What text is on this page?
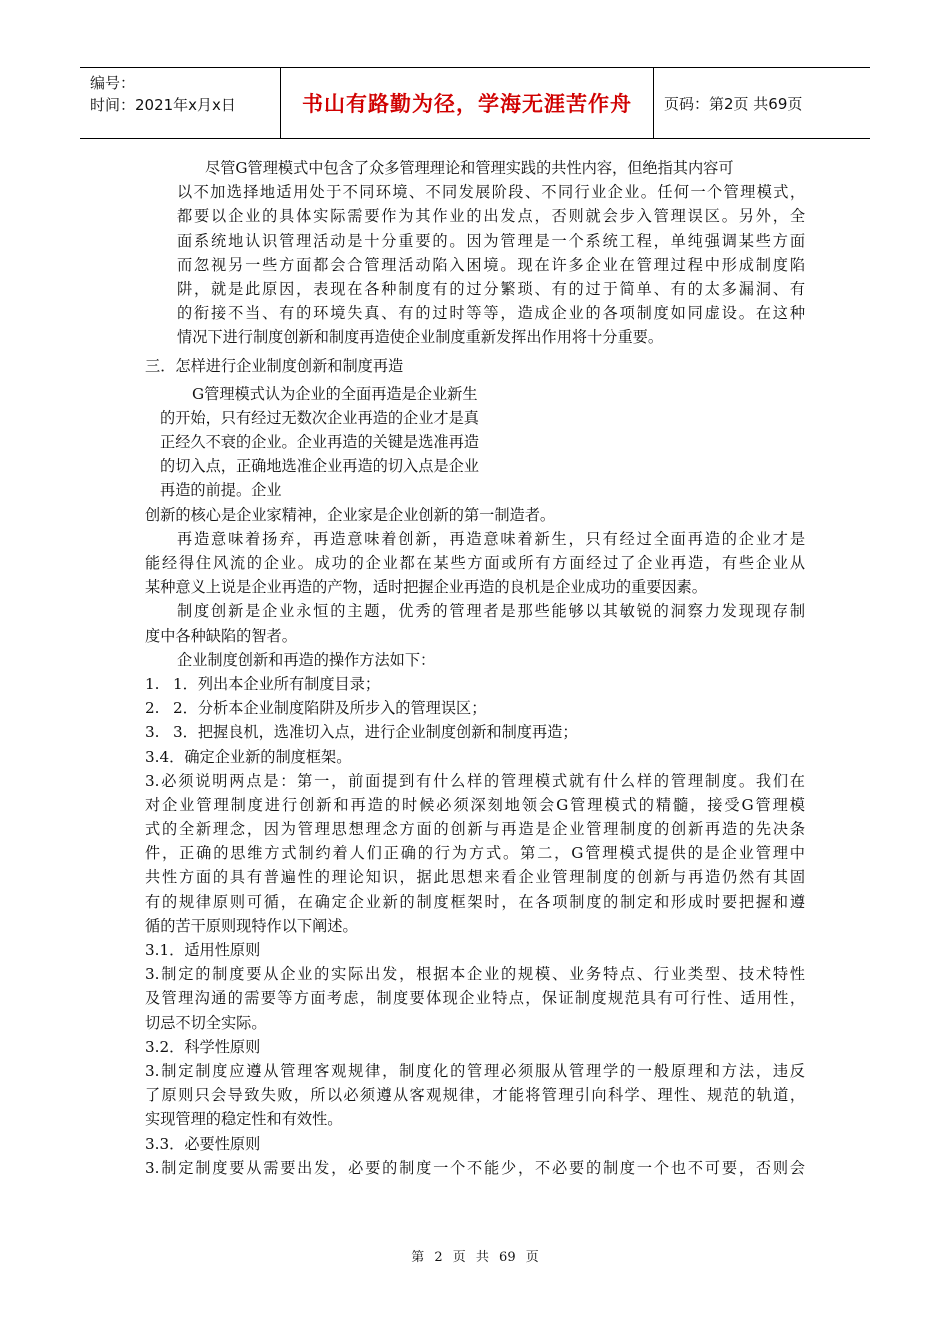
编号：
时间：2021年x月x日	书山有路勤为径，学海无涯苦作舟 页码：第2页 共69页
尽管G管理模式中包含了众多管理理论和管理实践的共性内容，但绝指其内容可
以不加选择地适用处于不同环境、不同发展阶段、不同行业企业。任何一个管理模式，
都要以企业的具体实际需要作为其作业的出发点，否则就会步入管理误区。另外，全
面系统地认识管理活动是十分重要的。因为管理是一个系统工程，单纯强调某些方面
而忽视另一些方面都会合管理活动陷入困境。现在许多企业在管理过程中形成制度陷
阱，就是此原因，表现在各种制度有的过分繁琐、有的过于简单、有的太多漏洞、有
的衔接不当、有的环境失真、有的过时等等，造成企业的各项制度如同虚设。在这种
情况下进行制度创新和制度再造使企业制度重新发挥出作用将十分重要。
三．怎样进行企业制度创新和制度再造
G管理模式认为企业的全面再造是企业新生
的开始，只有经过无数次企业再造的企业才是真
正经久不衰的企业。企业再造的关键是选准再造
的切入点，正确地选准企业再造的切入点是企业
再造的前提。企业
创新的核心是企业家精神，企业家是企业创新的第一制造者。
再造意味着扬弃，再造意味着创新，再造意味着新生，只有经过全面再造的企业才是
能经得住风流的企业。成功的企业都在某些方面或所有方面经过了企业再造，有些企业从
某种意义上说是企业再造的产物，适时把握企业再造的良机是企业成功的重要因素。
制度创新是企业永恒的主题，优秀的管理者是那些能够以其敏锐的洞察力发现现存制
度中各种缺陷的智者。
企业制度创新和再造的操作方法如下：
1. 1．列出本企业所有制度目录；
2. 2．分析本企业制度陷阱及所步入的管理误区；
3. 3．把握良机，选准切入点，进行企业制度创新和制度再造；
3.4．确定企业新的制度框架。
3.必须说明两点是：第一，前面提到有什么样的管理模式就有什么样的管理制度。我们在
对企业管理制度进行创新和再造的时候必须深刻地领会G管理模式的精髓，接受G管理模
式的全新理念，因为管理思想理念方面的创新与再造是企业管理制度的创新再造的先决条
件，正确的思维方式制约着人们正确的行为方式。第二，G管理模式提供的是企业管理中
共性方面的具有普遍性的理论知识，据此思想来看企业管理制度的创新与再造仍然有其固
有的规律原则可循，在确定企业新的制度框架时，在各项制度的制定和形成时要把握和遵
循的苦干原则现特作以下阐述。
3.1．适用性原则
3.制定的制度要从企业的实际出发，根据本企业的规模、业务特点、行业类型、技术特性
及管理沟通的需要等方面考虑，制度要体现企业特点，保证制度规范具有可行性、适用性，
切忌不切全实际。
3.2．科学性原则
3.制定制度应遵从管理客观规律，制度化的管理必须服从管理学的一般原理和方法，违反
了原则只会导致失败，所以必须遵从客观规律，才能将管理引向科学、理性、规范的轨道，
实现管理的稳定性和有效性。
3.3．必要性原则
3.制定制度要从需要出发，必要的制度一个不能少，不必要的制度一个也不可要，否则会
第 2 页 共 69 页
